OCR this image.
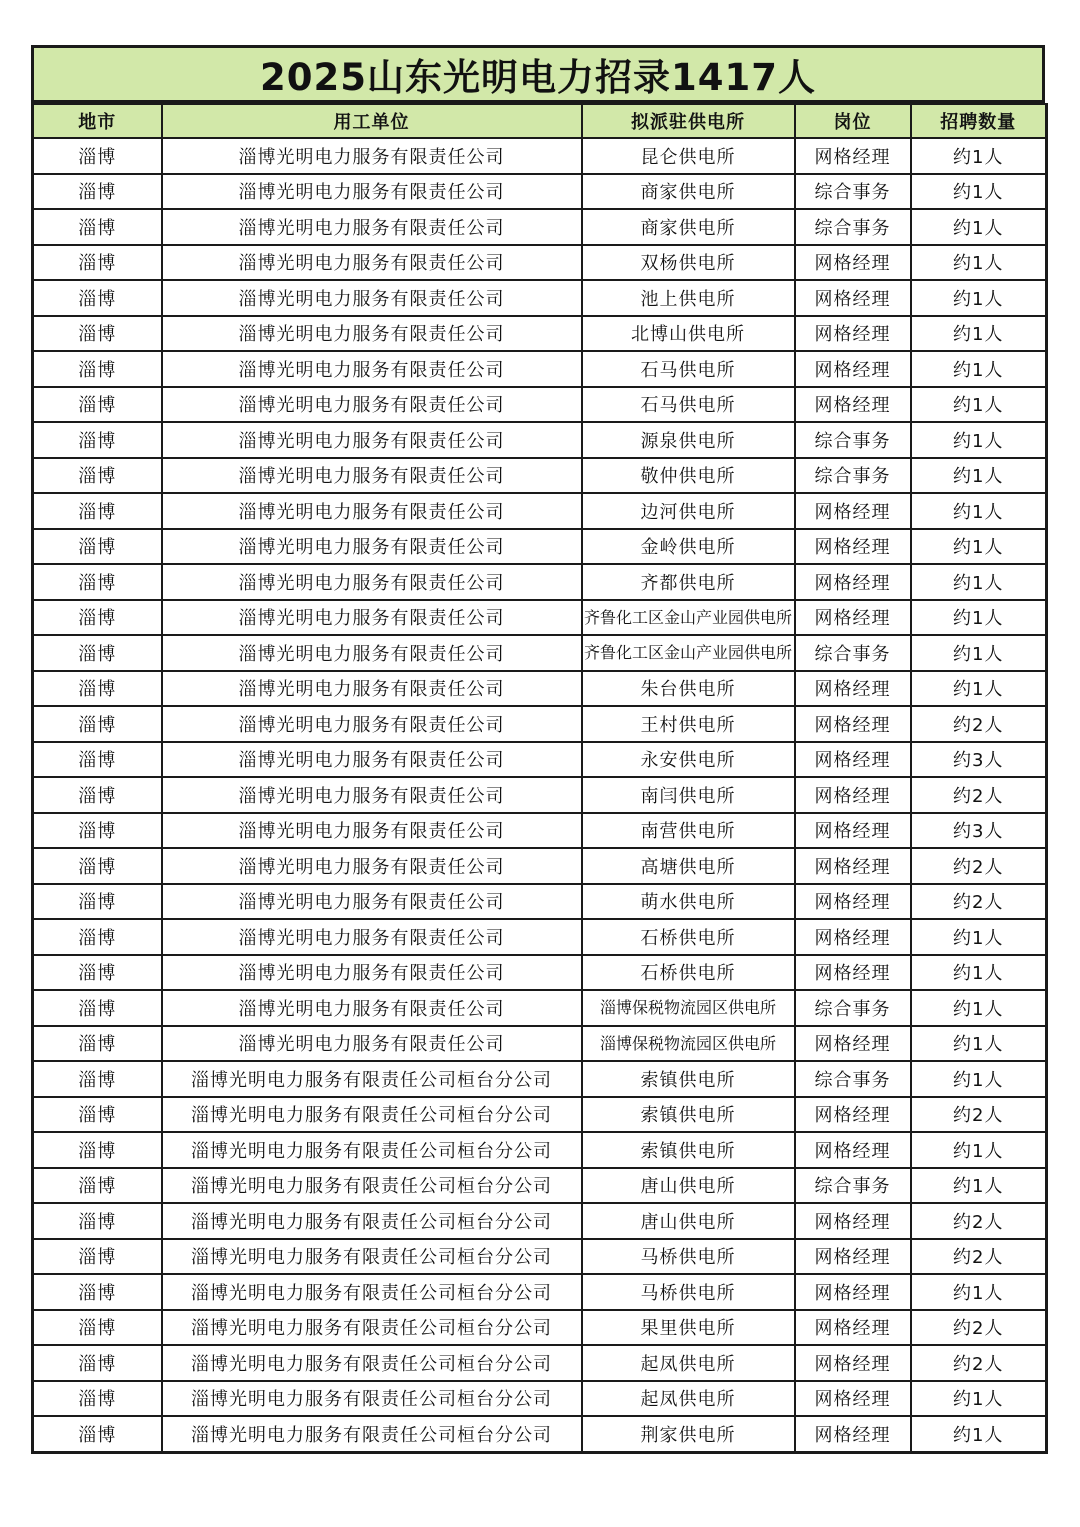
2025山东光明电力招录1417人
地市	用工单位	拟派驻供电所	岗位	招聘数量
淄博	淄博光明电力服务有限责任公司	昆仑供电所	网格经理	约1人
淄博	淄博光明电力服务有限责任公司	商家供电所	综合事务	约1人
淄博	淄博光明电力服务有限责任公司	商家供电所	综合事务	约1人
淄博	淄博光明电力服务有限责任公司	双杨供电所	网格经理	约1人
淄博	淄博光明电力服务有限责任公司	池上供电所	网格经理	约1人
淄博	淄博光明电力服务有限责任公司	北博山供电所	网格经理	约1人
淄博	淄博光明电力服务有限责任公司	石马供电所	网格经理	约1人
淄博	淄博光明电力服务有限责任公司	石马供电所	网格经理	约1人
淄博	淄博光明电力服务有限责任公司	源泉供电所	综合事务	约1人
淄博	淄博光明电力服务有限责任公司	敬仲供电所	综合事务	约1人
淄博	淄博光明电力服务有限责任公司	边河供电所	网格经理	约1人
淄博	淄博光明电力服务有限责任公司	金岭供电所	网格经理	约1人
淄博	淄博光明电力服务有限责任公司	齐都供电所	网格经理	约1人
淄博	淄博光明电力服务有限责任公司	齐鲁化工区金山产业园供电所	网格经理	约1人
淄博	淄博光明电力服务有限责任公司	齐鲁化工区金山产业园供电所	综合事务	约1人
淄博	淄博光明电力服务有限责任公司	朱台供电所	网格经理	约1人
淄博	淄博光明电力服务有限责任公司	王村供电所	网格经理	约2人
淄博	淄博光明电力服务有限责任公司	永安供电所	网格经理	约3人
淄博	淄博光明电力服务有限责任公司	南闫供电所	网格经理	约2人
淄博	淄博光明电力服务有限责任公司	南营供电所	网格经理	约3人
淄博	淄博光明电力服务有限责任公司	高塘供电所	网格经理	约2人
淄博	淄博光明电力服务有限责任公司	萌水供电所	网格经理	约2人
淄博	淄博光明电力服务有限责任公司	石桥供电所	网格经理	约1人
淄博	淄博光明电力服务有限责任公司	石桥供电所	网格经理	约1人
淄博	淄博光明电力服务有限责任公司	淄博保税物流园区供电所	综合事务	约1人
淄博	淄博光明电力服务有限责任公司	淄博保税物流园区供电所	网格经理	约1人
淄博	淄博光明电力服务有限责任公司桓台分公司	索镇供电所	综合事务	约1人
淄博	淄博光明电力服务有限责任公司桓台分公司	索镇供电所	网格经理	约2人
淄博	淄博光明电力服务有限责任公司桓台分公司	索镇供电所	网格经理	约1人
淄博	淄博光明电力服务有限责任公司桓台分公司	唐山供电所	综合事务	约1人
淄博	淄博光明电力服务有限责任公司桓台分公司	唐山供电所	网格经理	约2人
淄博	淄博光明电力服务有限责任公司桓台分公司	马桥供电所	网格经理	约2人
淄博	淄博光明电力服务有限责任公司桓台分公司	马桥供电所	网格经理	约1人
淄博	淄博光明电力服务有限责任公司桓台分公司	果里供电所	网格经理	约2人
淄博	淄博光明电力服务有限责任公司桓台分公司	起凤供电所	网格经理	约2人
淄博	淄博光明电力服务有限责任公司桓台分公司	起凤供电所	网格经理	约1人
淄博	淄博光明电力服务有限责任公司桓台分公司	荆家供电所	网格经理	约1人
